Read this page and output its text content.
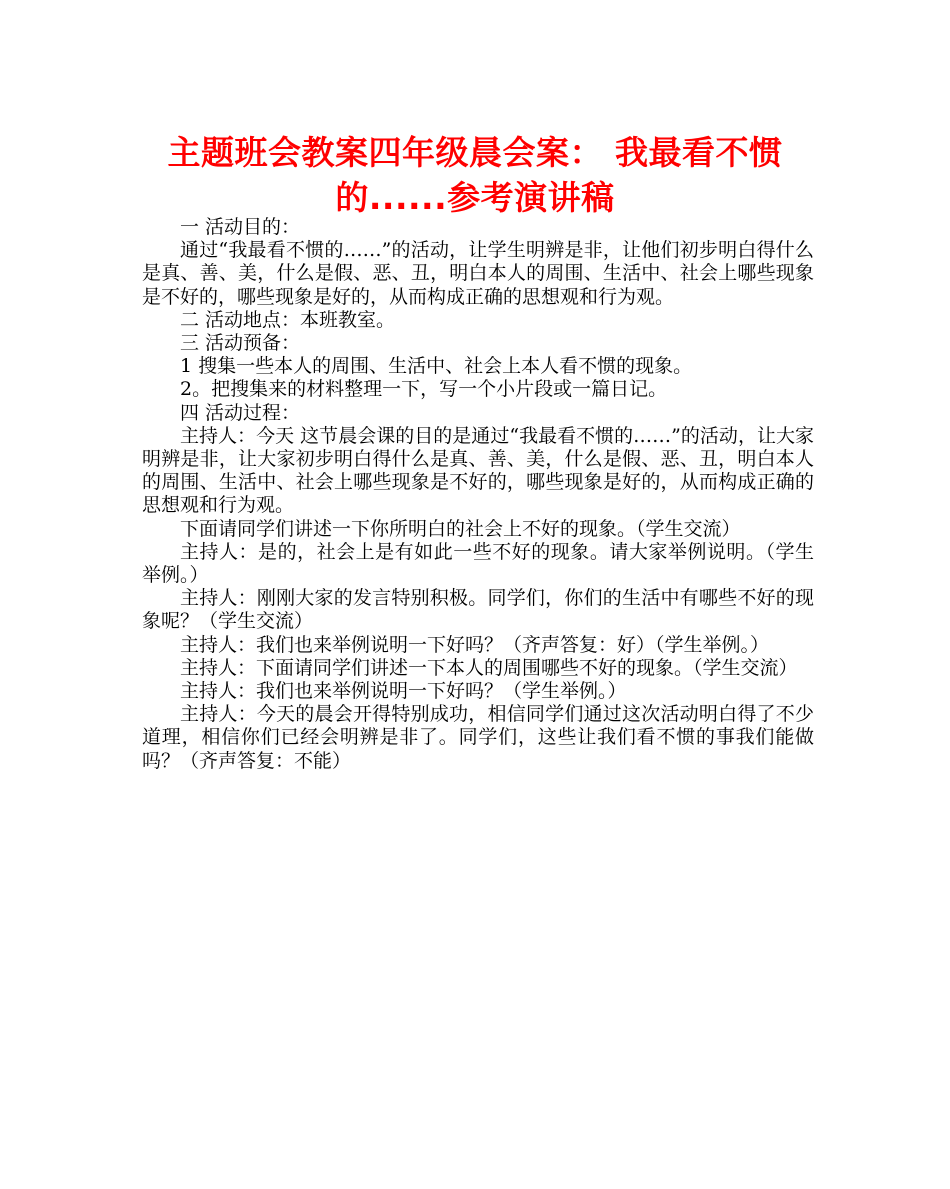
主题班会教案四年级晨会案： 我最看不惯
的......参考演讲稿

一 活动目的：

通过“我最看不惯的……”的活动，让学生明辨是非，让他们初步明白得什么是真、善、美，什么是假、恶、丑，明白本人的周围、生活中、社会上哪些现象是不好的，哪些现象是好的，从而构成正确的思想观和行为观。

二 活动地点：本班教室。

三 活动预备：

1 搜集一些本人的周围、生活中、社会上本人看不惯的现象。

2。把搜集来的材料整理一下，写一个小片段或一篇日记。

四 活动过程：

主持人：今天 这节晨会课的目的是通过“我最看不惯的……”的活动，让大家明辨是非，让大家初步明白得什么是真、善、美，什么是假、恶、丑，明白本人的周围、生活中、社会上哪些现象是不好的，哪些现象是好的，从而构成正确的思想观和行为观。

下面请同学们讲述一下你所明白的社会上不好的现象。（学生交流）

主持人：是的，社会上是有如此一些不好的现象。请大家举例说明。（学生举例。）

主持人：刚刚大家的发言特别积极。同学们，你们的生活中有哪些不好的现象呢？（学生交流）

主持人：我们也来举例说明一下好吗？（齐声答复：好）（学生举例。）

主持人：下面请同学们讲述一下本人的周围哪些不好的现象。（学生交流）

主持人：我们也来举例说明一下好吗？（学生举例。）

主持人：今天的晨会开得特别成功，相信同学们通过这次活动明白得了不少道理，相信你们已经会明辨是非了。同学们，这些让我们看不惯的事我们能做吗？（齐声答复：不能）
